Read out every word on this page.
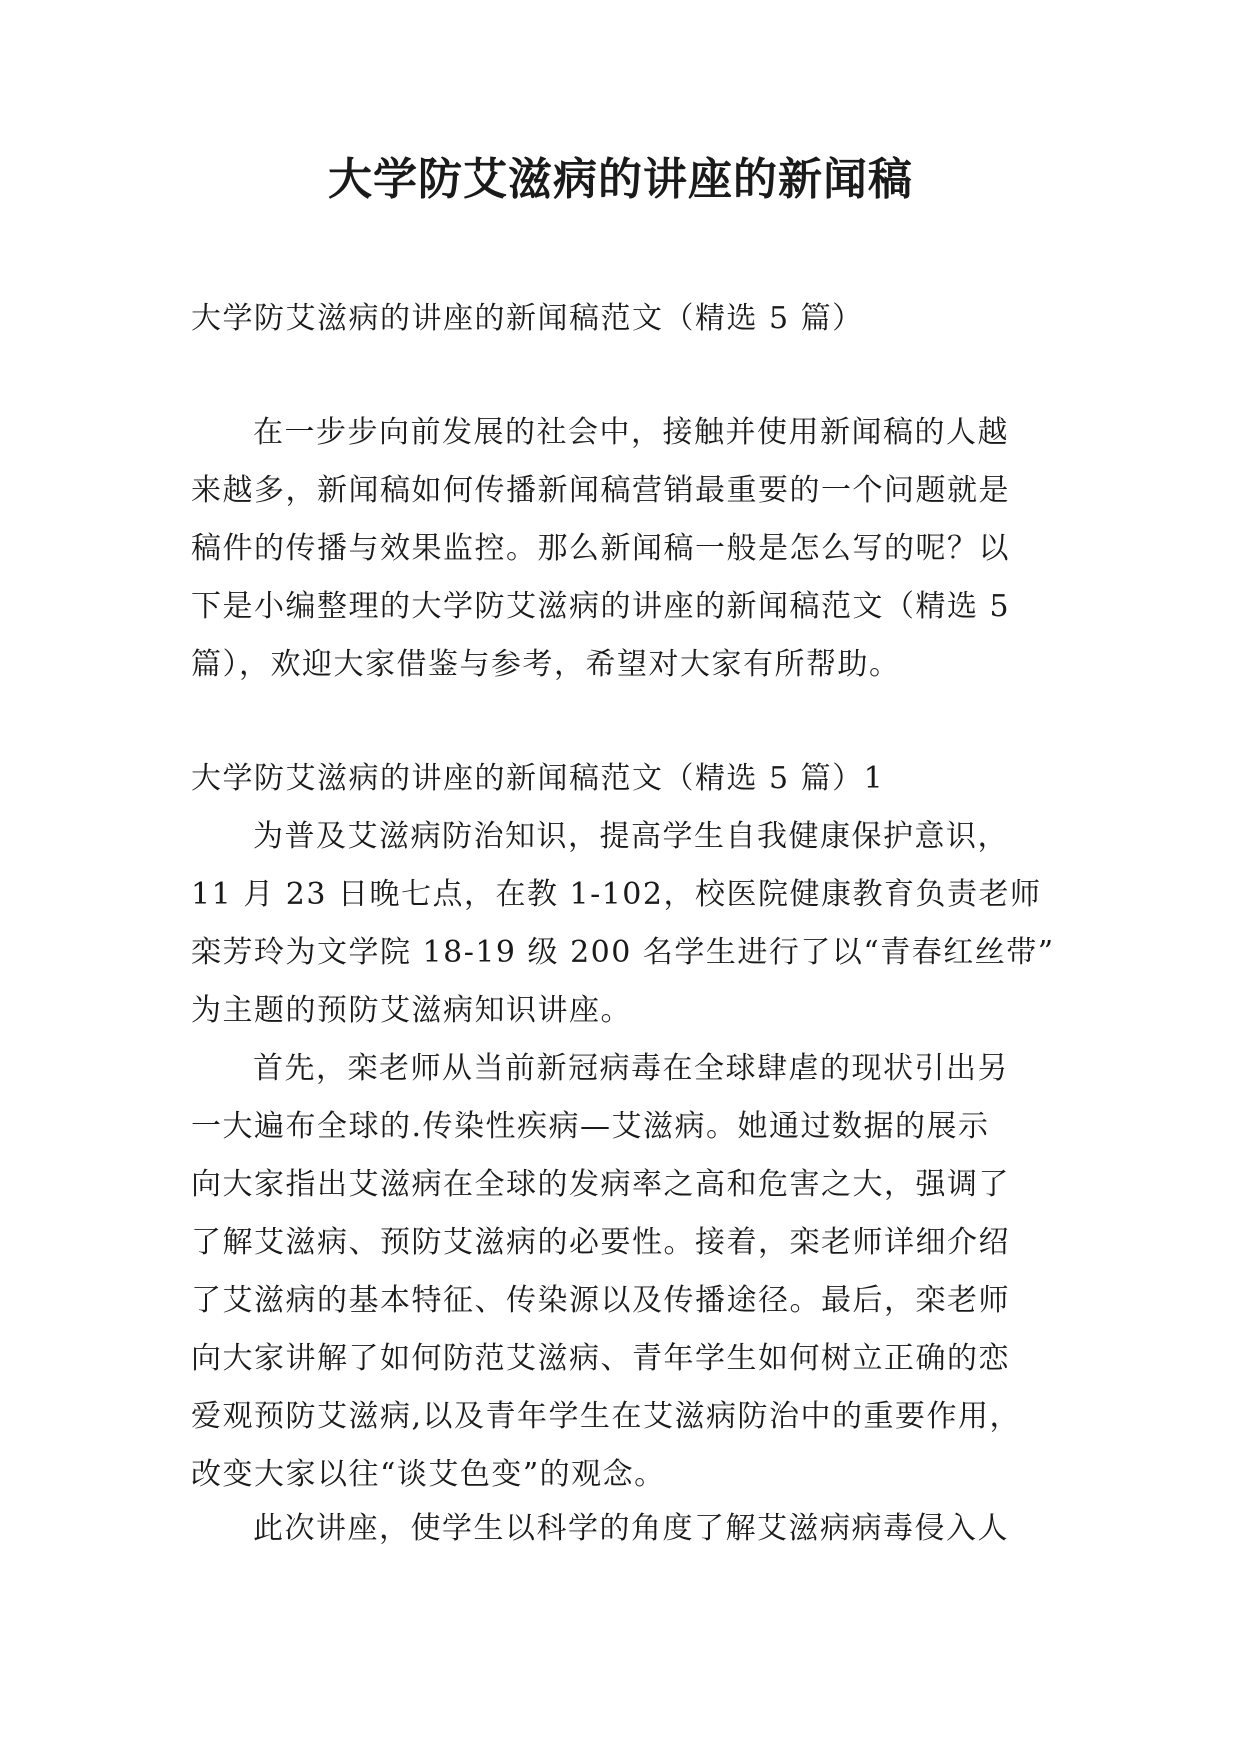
大学防艾滋病的讲座的新闻稿

大学防艾滋病的讲座的新闻稿范文（精选 5 篇）

在一步步向前发展的社会中，接触并使用新闻稿的人越
来越多，新闻稿如何传播新闻稿营销最重要的一个问题就是
稿件的传播与效果监控。那么新闻稿一般是怎么写的呢？以
下是小编整理的大学防艾滋病的讲座的新闻稿范文（精选 5
篇），欢迎大家借鉴与参考，希望对大家有所帮助。

大学防艾滋病的讲座的新闻稿范文（精选 5 篇）1

为普及艾滋病防治知识，提高学生自我健康保护意识，
11 月 23 日晚七点，在教 1-102，校医院健康教育负责老师
栾芳玲为文学院 18-19 级 200 名学生进行了以“青春红丝带”
为主题的预防艾滋病知识讲座。

首先，栾老师从当前新冠病毒在全球肆虐的现状引出另
一大遍布全球的.传染性疾病—艾滋病。她通过数据的展示
向大家指出艾滋病在全球的发病率之高和危害之大，强调了
了解艾滋病、预防艾滋病的必要性。接着，栾老师详细介绍
了艾滋病的基本特征、传染源以及传播途径。最后，栾老师
向大家讲解了如何防范艾滋病、青年学生如何树立正确的恋
爱观预防艾滋病,以及青年学生在艾滋病防治中的重要作用，
改变大家以往“谈艾色变”的观念。

此次讲座，使学生以科学的角度了解艾滋病病毒侵入人
